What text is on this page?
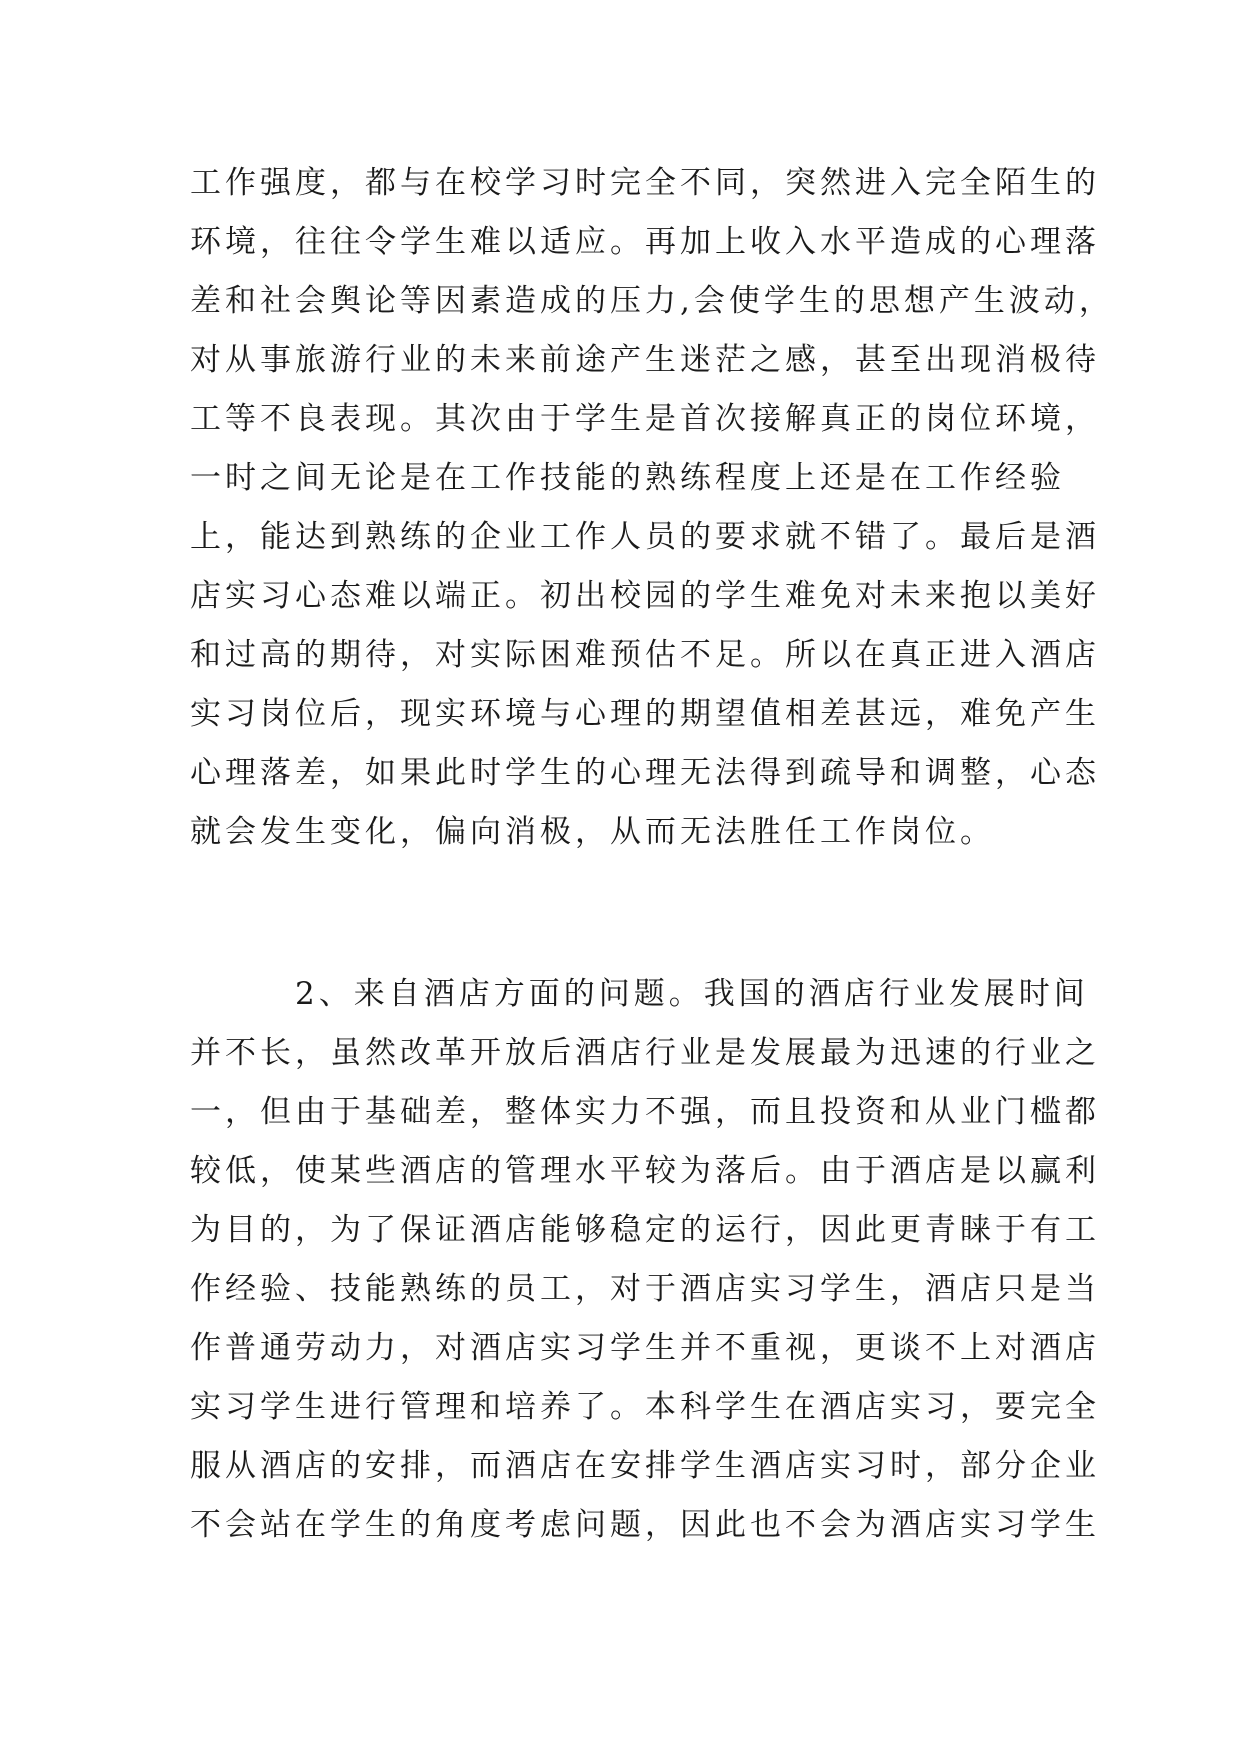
工作强度，都与在校学习时完全不同，突然进入完全陌生的
环境，往往令学生难以适应。再加上收入水平造成的心理落
差和社会舆论等因素造成的压力,会使学生的思想产生波动，
对从事旅游行业的未来前途产生迷茫之感，甚至出现消极待
工等不良表现。其次由于学生是首次接解真正的岗位环境，
一时之间无论是在工作技能的熟练程度上还是在工作经验
上，能达到熟练的企业工作人员的要求就不错了。最后是酒
店实习心态难以端正。初出校园的学生难免对未来抱以美好
和过高的期待，对实际困难预估不足。所以在真正进入酒店
实习岗位后，现实环境与心理的期望值相差甚远，难免产生
心理落差，如果此时学生的心理无法得到疏导和调整，心态
就会发生变化，偏向消极，从而无法胜任工作岗位。
2、来自酒店方面的问题。我国的酒店行业发展时间
并不长，虽然改革开放后酒店行业是发展最为迅速的行业之
一，但由于基础差，整体实力不强，而且投资和从业门槛都
较低，使某些酒店的管理水平较为落后。由于酒店是以赢利
为目的，为了保证酒店能够稳定的运行，因此更青睐于有工
作经验、技能熟练的员工，对于酒店实习学生，酒店只是当
作普通劳动力，对酒店实习学生并不重视，更谈不上对酒店
实习学生进行管理和培养了。本科学生在酒店实习，要完全
服从酒店的安排，而酒店在安排学生酒店实习时，部分企业
不会站在学生的角度考虑问题，因此也不会为酒店实习学生
